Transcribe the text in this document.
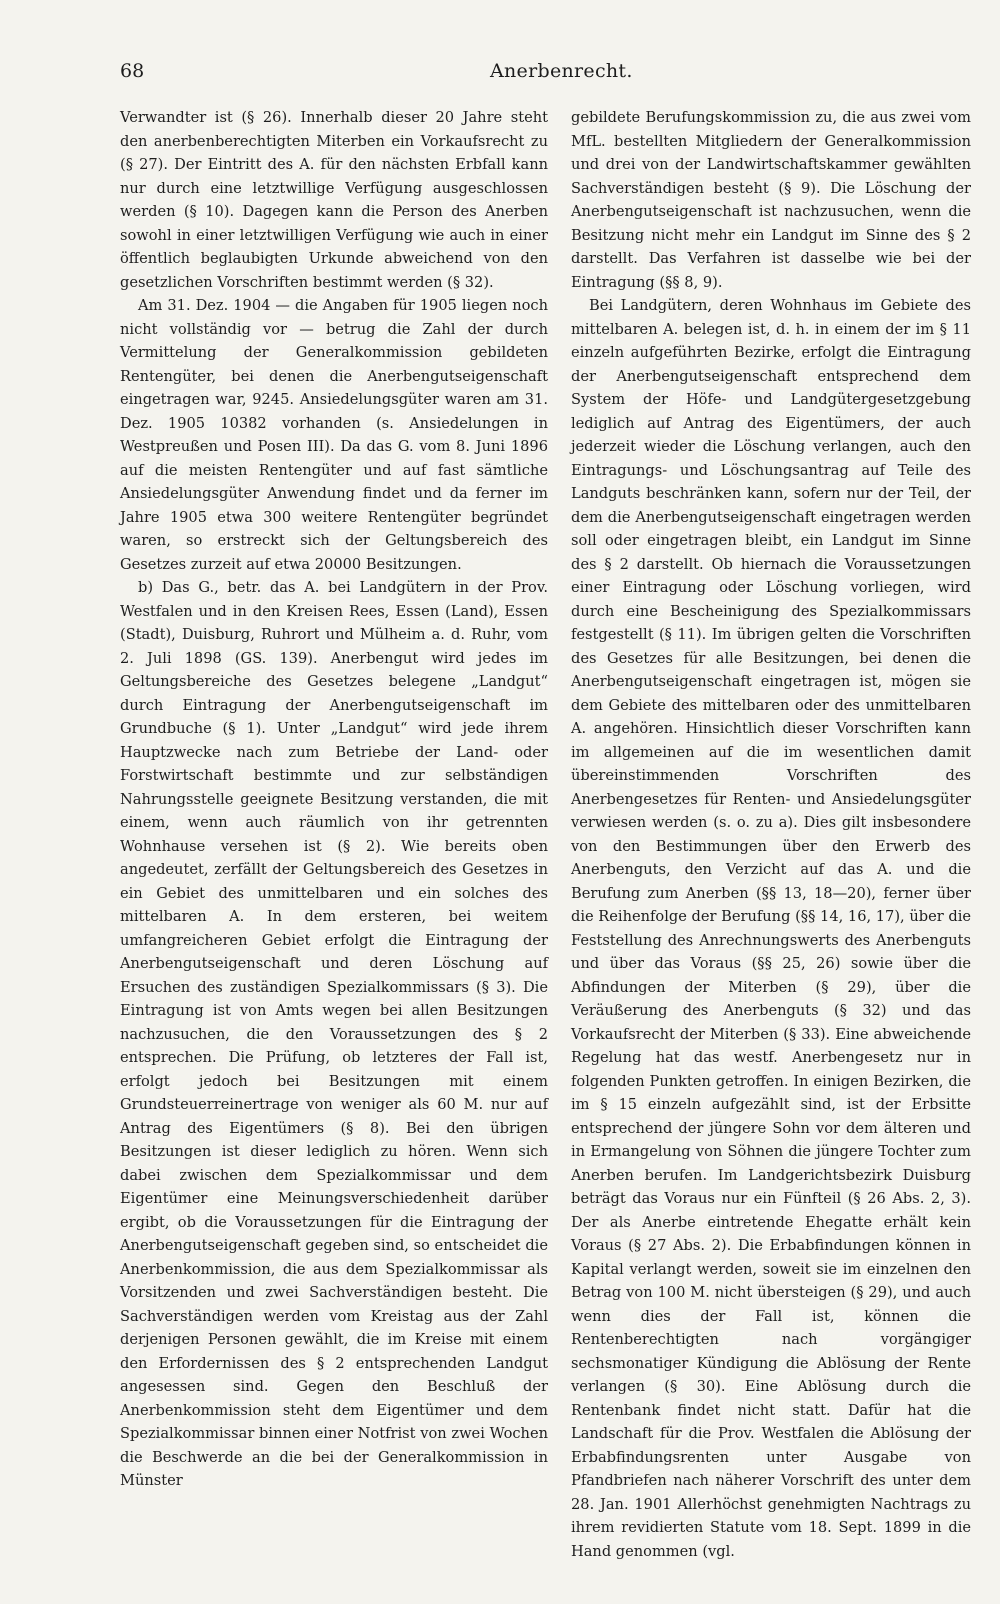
68	Anerbenrecht.

Verwandter ist (§ 26). Innerhalb dieser 20 Jahre steht den anerbenberechtigten Miterben ein Vorkaufsrecht zu (§ 27). Der Eintritt des A. für den nächsten Erbfall kann nur durch eine letztwillige Verfügung ausgeschlossen werden (§ 10). Dagegen kann die Person des Anerben sowohl in einer letztwilligen Verfügung wie auch in einer öffentlich beglaubigten Urkunde abweichend von den gesetzlichen Vorschriften bestimmt werden (§ 32).

Am 31. Dez. 1904 — die Angaben für 1905 liegen noch nicht vollständig vor — betrug die Zahl der durch Vermittelung der Generalkommission gebildeten Rentengüter, bei denen die Anerbengutseigenschaft eingetragen war, 9245. Ansiedelungsgüter waren am 31. Dez. 1905 10382 vorhanden (s. Ansiedelungen in Westpreußen und Posen III). Da das G. vom 8. Juni 1896 auf die meisten Rentengüter und auf fast sämtliche Ansiedelungsgüter Anwendung findet und da ferner im Jahre 1905 etwa 300 weitere Rentengüter begründet waren, so erstreckt sich der Geltungsbereich des Gesetzes zurzeit auf etwa 20000 Besitzungen.

b) Das G., betr. das A. bei Landgütern in der Prov. Westfalen und in den Kreisen Rees, Essen (Land), Essen (Stadt), Duisburg, Ruhrort und Mülheim a. d. Ruhr, vom 2. Juli 1898 (GS. 139). Anerbengut wird jedes im Geltungsbereiche des Gesetzes belegene „Landgut“ durch Eintragung der Anerbengutseigenschaft im Grundbuche (§ 1). Unter „Landgut“ wird jede ihrem Hauptzwecke nach zum Betriebe der Land- oder Forstwirtschaft bestimmte und zur selbständigen Nahrungsstelle geeignete Besitzung verstanden, die mit einem, wenn auch räumlich von ihr getrennten Wohnhause versehen ist (§ 2). Wie bereits oben angedeutet, zerfällt der Geltungsbereich des Gesetzes in ein Gebiet des unmittelbaren und ein solches des mittelbaren A. In dem ersteren, bei weitem umfangreicheren Gebiet erfolgt die Eintragung der Anerbengutseigenschaft und deren Löschung auf Ersuchen des zuständigen Spezialkommissars (§ 3). Die Eintragung ist von Amts wegen bei allen Besitzungen nachzusuchen, die den Voraussetzungen des § 2 entsprechen. Die Prüfung, ob letzteres der Fall ist, erfolgt jedoch bei Besitzungen mit einem Grundsteuerreinertrage von weniger als 60 M. nur auf Antrag des Eigentümers (§ 8). Bei den übrigen Besitzungen ist dieser lediglich zu hören. Wenn sich dabei zwischen dem Spezialkommissar und dem Eigentümer eine Meinungsverschiedenheit darüber ergibt, ob die Voraussetzungen für die Eintragung der Anerbengutseigenschaft gegeben sind, so entscheidet die Anerbenkommission, die aus dem Spezialkommissar als Vorsitzenden und zwei Sachverständigen besteht. Die Sachverständigen werden vom Kreistag aus der Zahl derjenigen Personen gewählt, die im Kreise mit einem den Erfordernissen des § 2 entsprechenden Landgut angesessen sind. Gegen den Beschluß der Anerbenkommission steht dem Eigentümer und dem Spezialkommissar binnen einer Notfrist von zwei Wochen die Beschwerde an die bei der Generalkommission in Münster

gebildete Berufungskommission zu, die aus zwei vom MfL. bestellten Mitgliedern der Generalkommission und drei von der Landwirtschaftskammer gewählten Sachverständigen besteht (§ 9). Die Löschung der Anerbengutseigenschaft ist nachzusuchen, wenn die Besitzung nicht mehr ein Landgut im Sinne des § 2 darstellt. Das Verfahren ist dasselbe wie bei der Eintragung (§§ 8, 9).

Bei Landgütern, deren Wohnhaus im Gebiete des mittelbaren A. belegen ist, d. h. in einem der im § 11 einzeln aufgeführten Bezirke, erfolgt die Eintragung der Anerbengutseigenschaft entsprechend dem System der Höfe- und Landgütergesetzgebung lediglich auf Antrag des Eigentümers, der auch jederzeit wieder die Löschung verlangen, auch den Eintragungs- und Löschungsantrag auf Teile des Landguts beschränken kann, sofern nur der Teil, der dem die Anerbengutseigenschaft eingetragen werden soll oder eingetragen bleibt, ein Landgut im Sinne des § 2 darstellt. Ob hiernach die Voraussetzungen einer Eintragung oder Löschung vorliegen, wird durch eine Bescheinigung des Spezialkommissars festgestellt (§ 11). Im übrigen gelten die Vorschriften des Gesetzes für alle Besitzungen, bei denen die Anerbengutseigenschaft eingetragen ist, mögen sie dem Gebiete des mittelbaren oder des unmittelbaren A. angehören. Hinsichtlich dieser Vorschriften kann im allgemeinen auf die im wesentlichen damit übereinstimmenden Vorschriften des Anerbengesetzes für Renten- und Ansiedelungsgüter verwiesen werden (s. o. zu a). Dies gilt insbesondere von den Bestimmungen über den Erwerb des Anerbenguts, den Verzicht auf das A. und die Berufung zum Anerben (§§ 13, 18—20), ferner über die Reihenfolge der Berufung (§§ 14, 16, 17), über die Feststellung des Anrechnungswerts des Anerbenguts und über das Voraus (§§ 25, 26) sowie über die Abfindungen der Miterben (§ 29), über die Veräußerung des Anerbenguts (§ 32) und das Vorkaufsrecht der Miterben (§ 33). Eine abweichende Regelung hat das westf. Anerbengesetz nur in folgenden Punkten getroffen. In einigen Bezirken, die im § 15 einzeln aufgezählt sind, ist der Erbsitte entsprechend der jüngere Sohn vor dem älteren und in Ermangelung von Söhnen die jüngere Tochter zum Anerben berufen. Im Landgerichtsbezirk Duisburg beträgt das Voraus nur ein Fünfteil (§ 26 Abs. 2, 3). Der als Anerbe eintretende Ehegatte erhält kein Voraus (§ 27 Abs. 2). Die Erbabfindungen können in Kapital verlangt werden, soweit sie im einzelnen den Betrag von 100 M. nicht übersteigen (§ 29), und auch wenn dies der Fall ist, können die Rentenberechtigten nach vorgängiger sechsmonatiger Kündigung die Ablösung der Rente verlangen (§ 30). Eine Ablösung durch die Rentenbank findet nicht statt. Dafür hat die Landschaft für die Prov. Westfalen die Ablösung der Erbabfindungsrenten unter Ausgabe von Pfandbriefen nach näherer Vorschrift des unter dem 28. Jan. 1901 Allerhöchst genehmigten Nachtrags zu ihrem revidierten Statute vom 18. Sept. 1899 in die Hand genommen (vgl.
